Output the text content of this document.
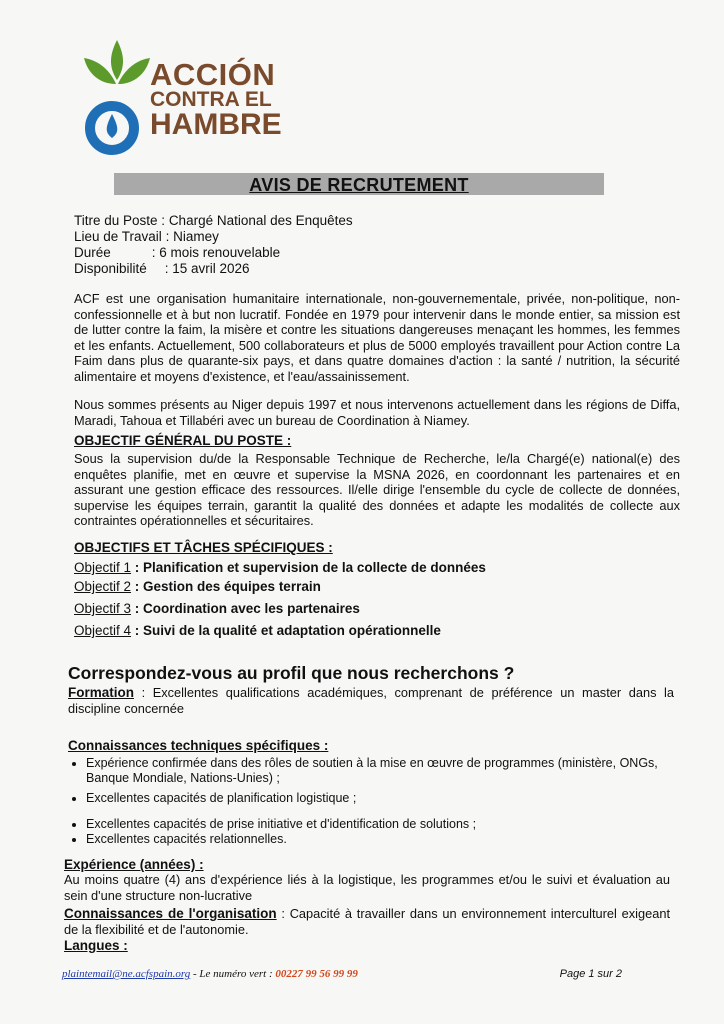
ACCIÓN
CONTRA EL
HAMBRE
AVIS DE RECRUTEMENT
Titre du Poste : Chargé National des Enquêtes
Lieu de Travail : Niamey
Durée	: 6 mois renouvelable
Disponibilité : 15 avril 2026
ACF est une organisation humanitaire internationale, non-gouvernementale, privée, non-politique, non-confessionnelle et à but non lucratif. Fondée en 1979 pour intervenir dans le monde entier, sa mission est de lutter contre la faim, la misère et contre les situations dangereuses menaçant les hommes, les femmes et les enfants. Actuellement, 500 collaborateurs et plus de 5000 employés travaillent pour Action contre La Faim dans plus de quarante-six pays, et dans quatre domaines d'action : la santé / nutrition, la sécurité alimentaire et moyens d'existence, et l'eau/assainissement.
Nous sommes présents au Niger depuis 1997 et nous intervenons actuellement dans les régions de Diffa, Maradi, Tahoua et Tillabéri avec un bureau de Coordination à Niamey.
OBJECTIF GÉNÉRAL DU POSTE :
Sous la supervision du/de la Responsable Technique de Recherche, le/la Chargé(e) national(e) des enquêtes planifie, met en œuvre et supervise la MSNA 2026, en coordonnant les partenaires et en assurant une gestion efficace des ressources. Il/elle dirige l'ensemble du cycle de collecte de données, supervise les équipes terrain, garantit la qualité des données et adapte les modalités de collecte aux contraintes opérationnelles et sécuritaires.
OBJECTIFS ET TÂCHES SPÉCIFIQUES :
Objectif 1 : Planification et supervision de la collecte de données
Objectif 2 : Gestion des équipes terrain
Objectif 3 : Coordination avec les partenaires
Objectif 4 : Suivi de la qualité et adaptation opérationnelle
Correspondez-vous au profil que nous recherchons ?
Formation : Excellentes qualifications académiques, comprenant de préférence un master dans la discipline concernée
Connaissances techniques spécifiques :
• Expérience confirmée dans des rôles de soutien à la mise en œuvre de programmes (ministère, ONGs, Banque Mondiale, Nations-Unies) ;
• Excellentes capacités de planification logistique ;
• Excellentes capacités de prise initiative et d'identification de solutions ;
• Excellentes capacités relationnelles.
Expérience (années) :
Au moins quatre (4) ans d'expérience liés à la logistique, les programmes et/ou le suivi et évaluation au sein d'une structure non-lucrative
Connaissances de l'organisation : Capacité à travailler dans un environnement interculturel exigeant de la flexibilité et de l'autonomie.
Langues :
plaintemail@ne.acfspain.org - Le numéro vert : 00227 99 56 99 99	Page 1 sur 2
